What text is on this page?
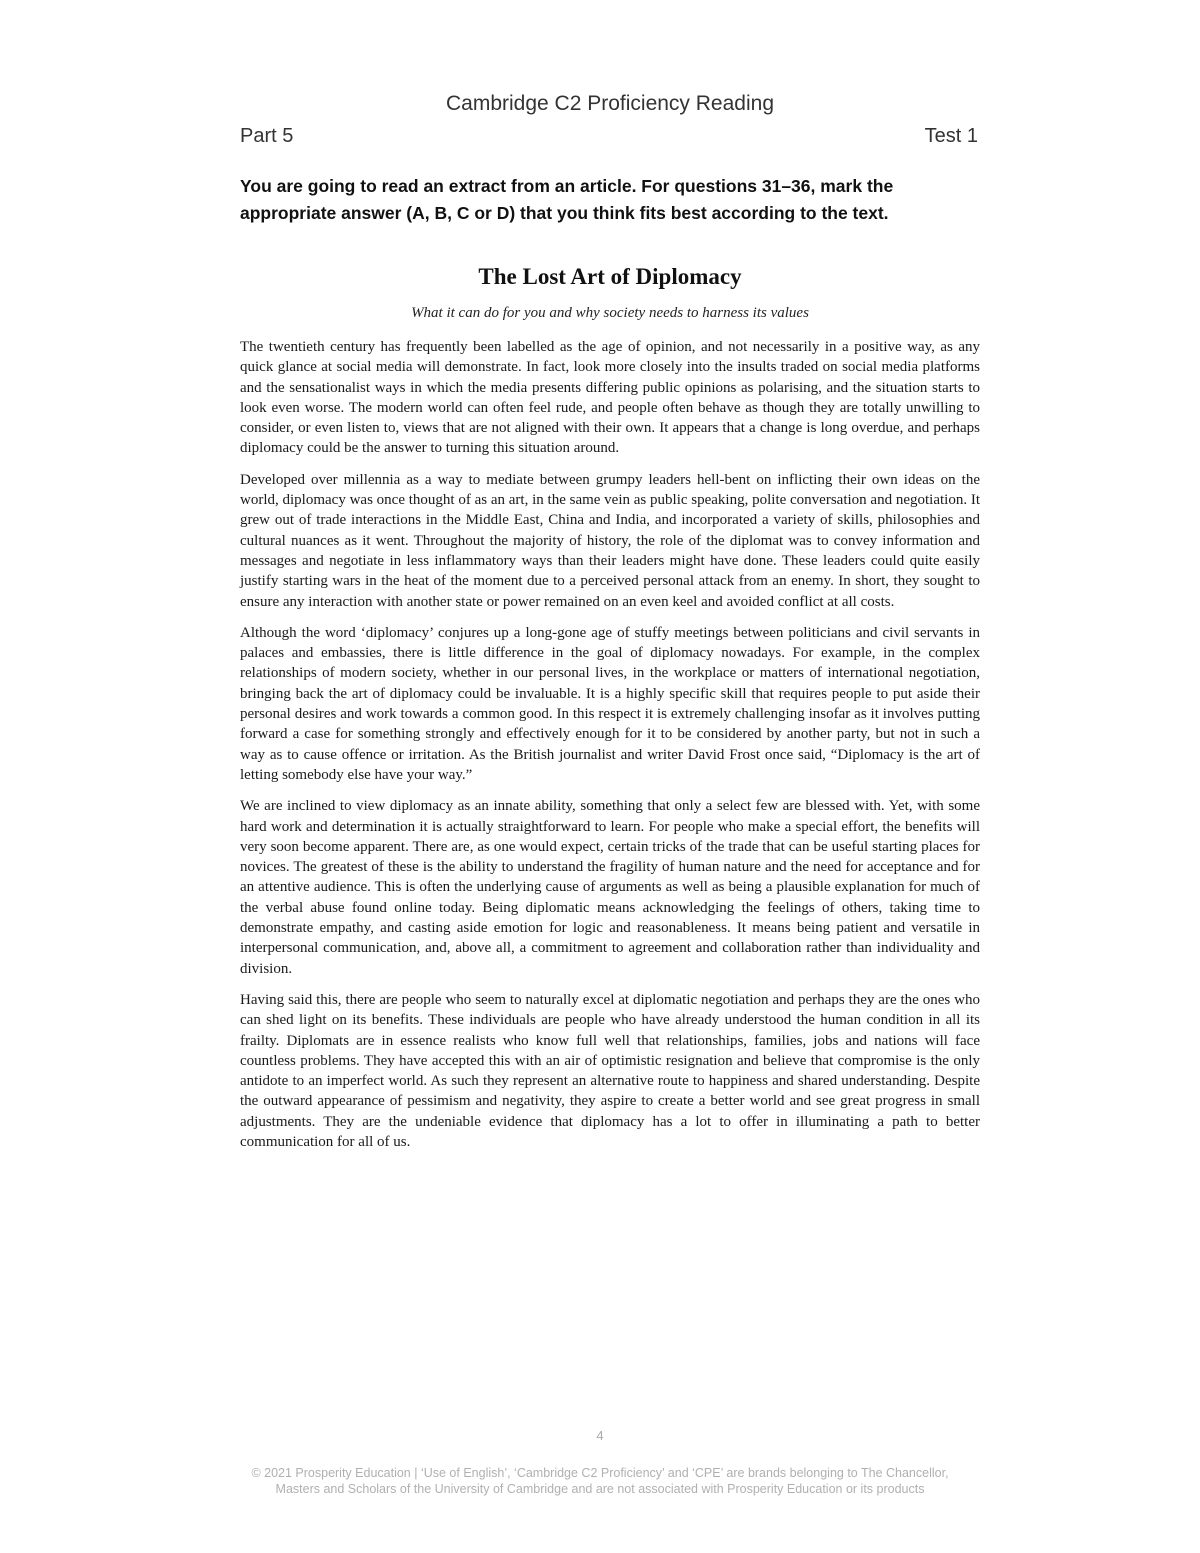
Cambridge C2 Proficiency Reading
Part 5	Test 1
You are going to read an extract from an article. For questions 31–36, mark the appropriate answer (A, B, C or D) that you think fits best according to the text.
The Lost Art of Diplomacy
What it can do for you and why society needs to harness its values

The twentieth century has frequently been labelled as the age of opinion, and not necessarily in a positive way, as any quick glance at social media will demonstrate. In fact, look more closely into the insults traded on social media platforms and the sensationalist ways in which the media presents differing public opinions as polarising, and the situation starts to look even worse. The modern world can often feel rude, and people often behave as though they are totally unwilling to consider, or even listen to, views that are not aligned with their own. It appears that a change is long overdue, and perhaps diplomacy could be the answer to turning this situation around.

Developed over millennia as a way to mediate between grumpy leaders hell-bent on inflicting their own ideas on the world, diplomacy was once thought of as an art, in the same vein as public speaking, polite conversation and negotiation. It grew out of trade interactions in the Middle East, China and India, and incorporated a variety of skills, philosophies and cultural nuances as it went. Throughout the majority of history, the role of the diplomat was to convey information and messages and negotiate in less inflammatory ways than their leaders might have done. These leaders could quite easily justify starting wars in the heat of the moment due to a perceived personal attack from an enemy. In short, they sought to ensure any interaction with another state or power remained on an even keel and avoided conflict at all costs.

Although the word ‘diplomacy’ conjures up a long-gone age of stuffy meetings between politicians and civil servants in palaces and embassies, there is little difference in the goal of diplomacy nowadays. For example, in the complex relationships of modern society, whether in our personal lives, in the workplace or matters of international negotiation, bringing back the art of diplomacy could be invaluable. It is a highly specific skill that requires people to put aside their personal desires and work towards a common good. In this respect it is extremely challenging insofar as it involves putting forward a case for something strongly and effectively enough for it to be considered by another party, but not in such a way as to cause offence or irritation. As the British journalist and writer David Frost once said, “Diplomacy is the art of letting somebody else have your way.”

We are inclined to view diplomacy as an innate ability, something that only a select few are blessed with. Yet, with some hard work and determination it is actually straightforward to learn. For people who make a special effort, the benefits will very soon become apparent. There are, as one would expect, certain tricks of the trade that can be useful starting places for novices. The greatest of these is the ability to understand the fragility of human nature and the need for acceptance and for an attentive audience. This is often the underlying cause of arguments as well as being a plausible explanation for much of the verbal abuse found online today. Being diplomatic means acknowledging the feelings of others, taking time to demonstrate empathy, and casting aside emotion for logic and reasonableness. It means being patient and versatile in interpersonal communication, and, above all, a commitment to agreement and collaboration rather than individuality and division.

Having said this, there are people who seem to naturally excel at diplomatic negotiation and perhaps they are the ones who can shed light on its benefits. These individuals are people who have already understood the human condition in all its frailty. Diplomats are in essence realists who know full well that relationships, families, jobs and nations will face countless problems. They have accepted this with an air of optimistic resignation and believe that compromise is the only antidote to an imperfect world. As such they represent an alternative route to happiness and shared understanding. Despite the outward appearance of pessimism and negativity, they aspire to create a better world and see great progress in small adjustments. They are the undeniable evidence that diplomacy has a lot to offer in illuminating a path to better communication for all of us.

4
© 2021 Prosperity Education | ‘Use of English’, ‘Cambridge C2 Proficiency’ and ‘CPE’ are brands belonging to The Chancellor,
Masters and Scholars of the University of Cambridge and are not associated with Prosperity Education or its products
